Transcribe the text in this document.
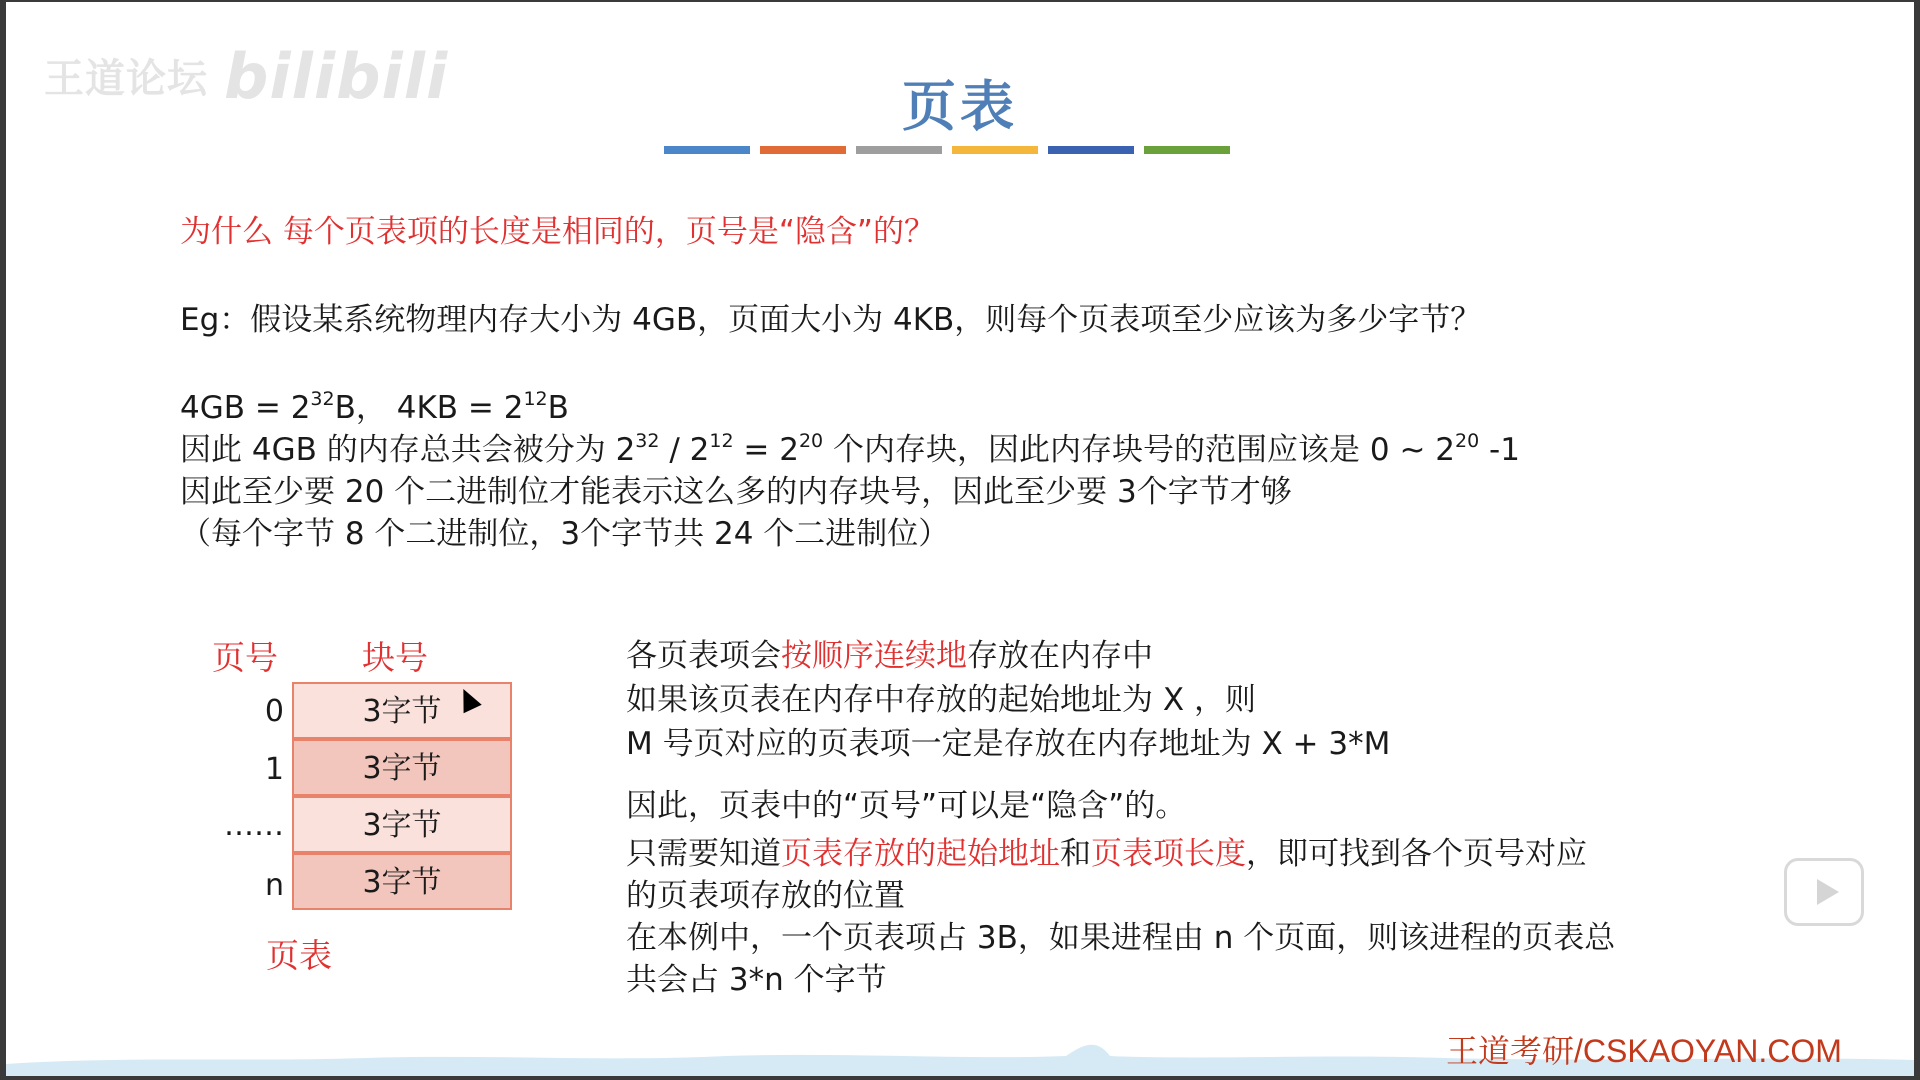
王道论坛 bilibili	页表
为什么 每个页表项的长度是相同的，页号是“隐含”的？
Eg：假设某系统物理内存大小为 4GB，页面大小为 4KB，则每个页表项至少应该为多少字节？
$4GB = 2^{32}B$， $4KB = 2^{12}B$
因此 4GB 的内存总共会被分为 $2^{32} / 2^{12} = 2^{20}$ 个内存块，因此内存块号的范围应该是 0 ~ $2^{20}$ -1
因此至少要 20 个二进制位才能表示这么多的内存块号，因此至少要 3个字节才够
（每个字节 8 个二进制位，3个字节共 24 个二进制位）
页号	块号
0	3字节
1	3字节
……	3字节
n	3字节
页表
各页表项会按顺序连续地存放在内存中
如果该页表在内存中存放的起始地址为 X ，则
M 号页对应的页表项一定是存放在内存地址为 X + 3*M
因此，页表中的“页号”可以是“隐含”的。
只需要知道页表存放的起始地址和页表项长度，即可找到各个页号对应
的页表项存放的位置
在本例中，一个页表项占 3B，如果进程由 n 个页面，则该进程的页表总
共会占 3*n 个字节
王道考研/CSKAOYAN.COM
